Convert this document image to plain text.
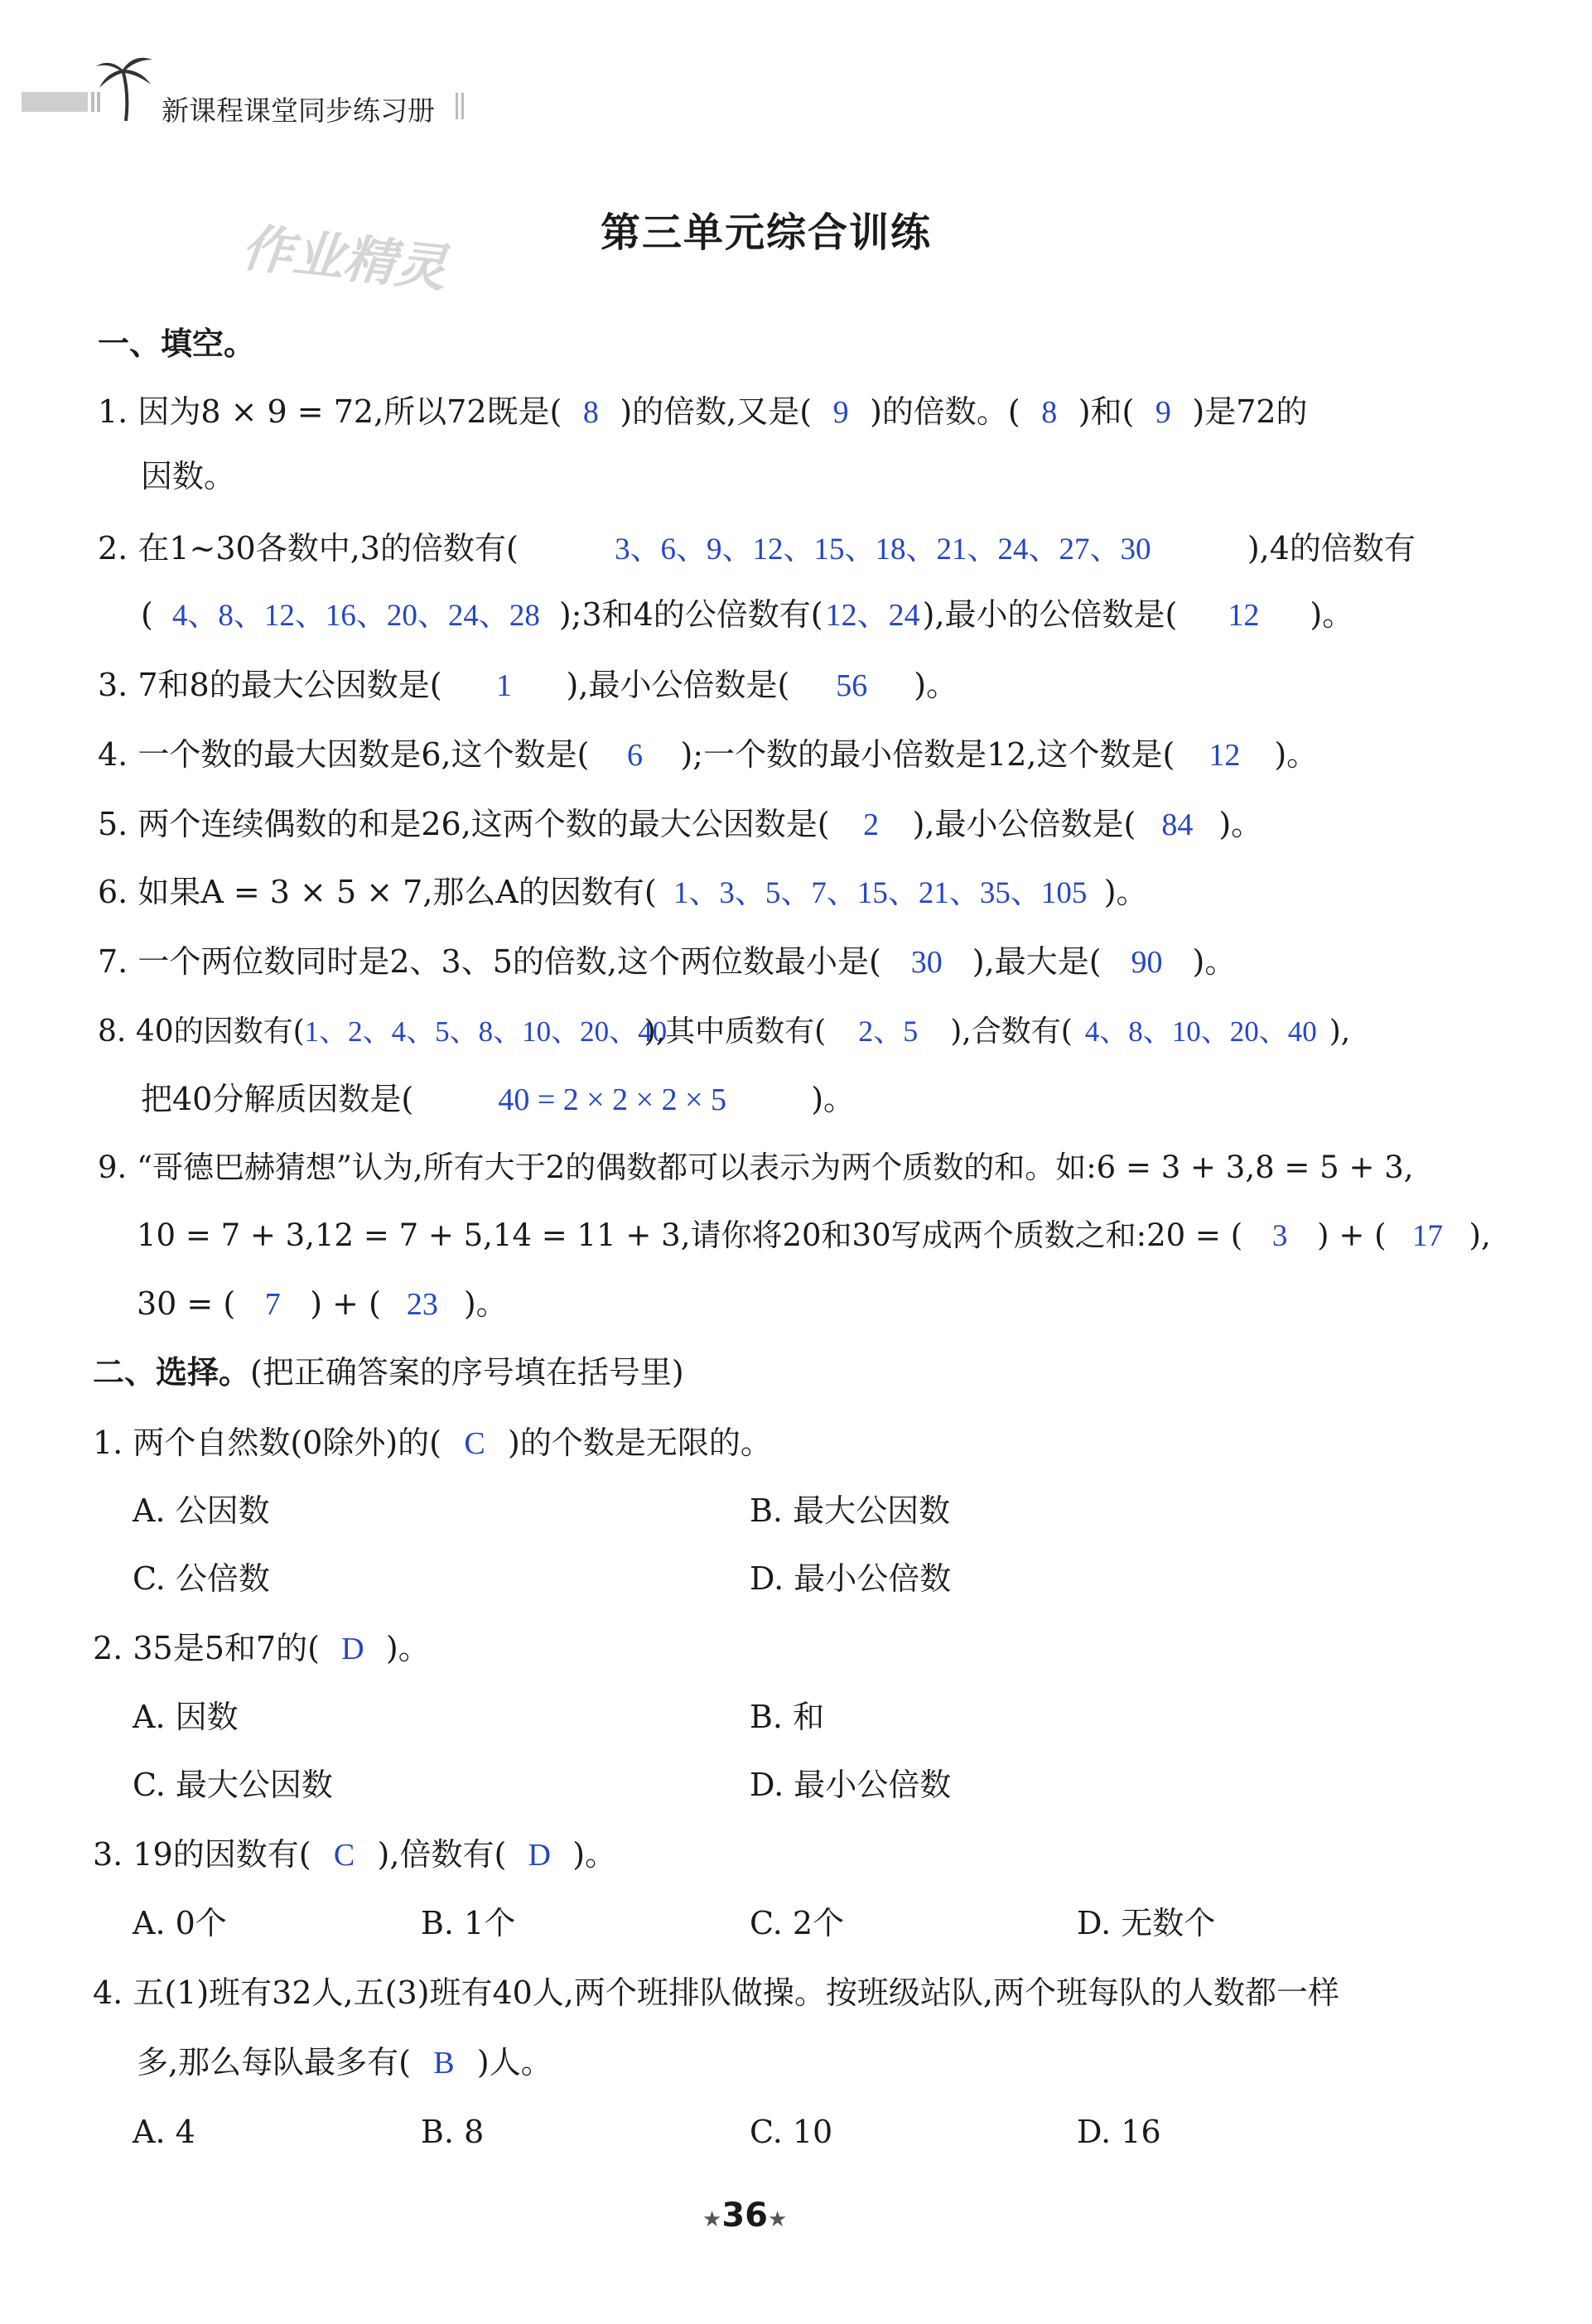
新课程课堂同步练习册
作业精灵	第三单元综合训练
一、填空。
1. 因为8 × 9 = 72,所以72既是( 8 )的倍数,又是( 9 )的倍数。( 8 )和( 9 )是72的
因数。
2. 在1~30各数中,3的倍数有(	3、6、9、12、15、18、21、24、27、30	),4的倍数有
( 4、8、12、16、20、24、28 );3和4的公倍数有(12、24),最小的公倍数是( 12 )。
3. 7和8的最大公因数是( 1 ),最小公倍数是( 56 )。
4. 一个数的最大因数是6,这个数是( 6 );一个数的最小倍数是12,这个数是( 12 )。
5. 两个连续偶数的和是26,这两个数的最大公因数是( 2 ),最小公倍数是( 84 )。
6. 如果A = 3 × 5 × 7,那么A的因数有( 1、3、5、7、15、21、35、105 )。
7. 一个两位数同时是2、3、5的倍数,这个两位数最小是( 30 ),最大是( 90 )。
8. 40的因数有(1、2、4、5、8、10、20、40),其中质数有( 2、5 ),合数有( 4、8、10、20、40 ),
把40分解质因数是(	40 = 2 × 2 × 2 × 5	)。
9. “哥德巴赫猜想”认为,所有大于2的偶数都可以表示为两个质数的和。如:6 = 3 + 3,8 = 5 + 3,
10 = 7 + 3,12 = 7 + 5,14 = 11 + 3,请你将20和30写成两个质数之和:20 = ( 3 ) + ( 17 ),
30 = ( 7 ) + ( 23 )。
二、选择。(把正确答案的序号填在括号里)
1. 两个自然数(0除外)的( C )的个数是无限的。
A. 公因数	B. 最大公因数
C. 公倍数	D. 最小公倍数
2. 35是5和7的( D )。
A. 因数	B. 和
C. 最大公因数	D. 最小公倍数
3. 19的因数有( C ),倍数有( D )。
A. 0个	B. 1个	C. 2个	D. 无数个
4. 五(1)班有32人,五(3)班有40人,两个班排队做操。按班级站队,两个班每队的人数都一样
多,那么每队最多有( B )人。
A. 4	B. 8	C. 10	D. 16
★36★
